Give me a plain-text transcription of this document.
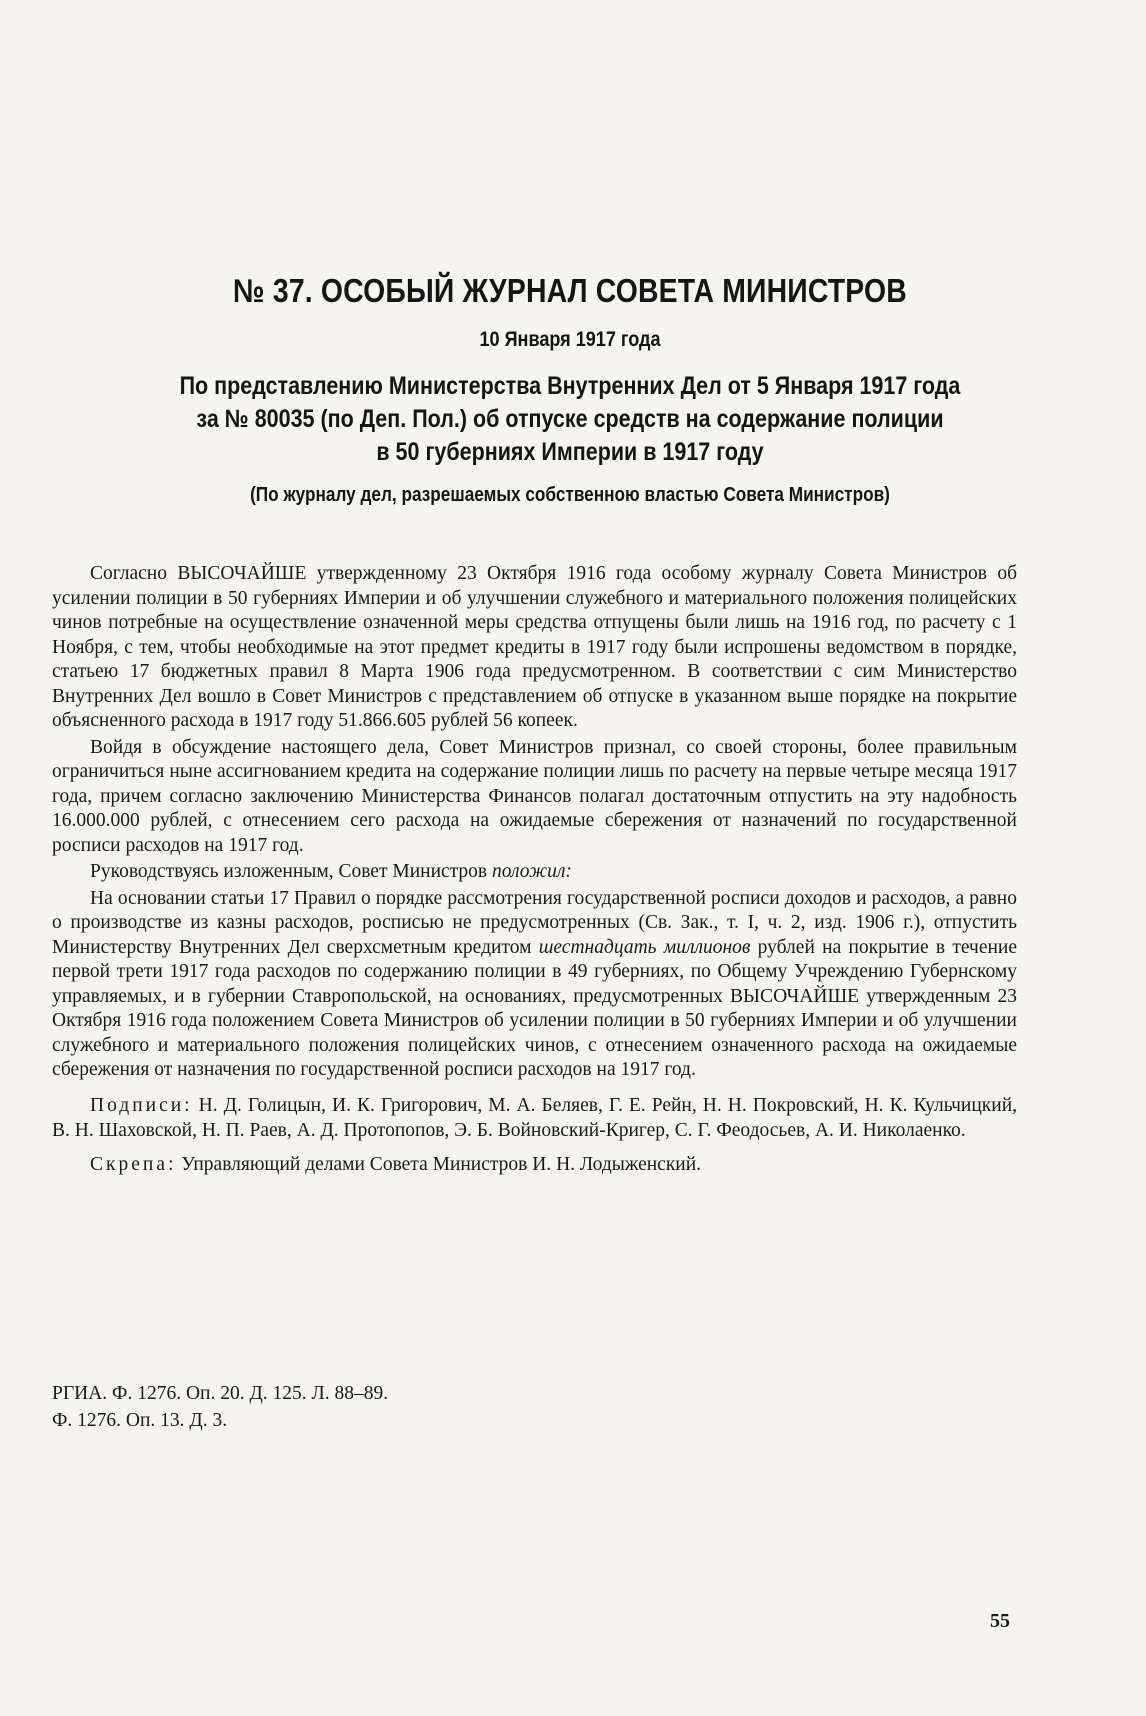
№ 37. ОСОБЫЙ ЖУРНАЛ СОВЕТА МИНИСТРОВ
10 Января 1917 года
По представлению Министерства Внутренних Дел от 5 Января 1917 года
за № 80035 (по Деп. Пол.) об отпуске средств на содержание полиции
в 50 губерниях Империи в 1917 году
(По журналу дел, разрешаемых собственною властью Совета Министров)

Согласно ВЫСОЧАЙШЕ утвержденному 23 Октября 1916 года особому журналу Совета Министров об усилении полиции в 50 губерниях Империи и об улучшении служебного и материального положения полицейских чинов потребные на осуществление означенной меры средства отпущены были лишь на 1916 год, по расчету с 1 Ноября, с тем, чтобы необходимые на этот предмет кредиты в 1917 году были испрошены ведомством в порядке, статьею 17 бюджетных правил 8 Марта 1906 года предусмотренном. В соответствии с сим Министерство Внутренних Дел вошло в Совет Министров с представлением об отпуске в указанном выше порядке на покрытие объясненного расхода в 1917 году 51.866.605 рублей 56 копеек.

Войдя в обсуждение настоящего дела, Совет Министров признал, со своей стороны, более правильным ограничиться ныне ассигнованием кредита на содержание полиции лишь по расчету на первые четыре месяца 1917 года, причем согласно заключению Министерства Финансов полагал достаточным отпустить на эту надобность 16.000.000 рублей, с отнесением сего расхода на ожидаемые сбережения от назначений по государственной росписи расходов на 1917 год.

Руководствуясь изложенным, Совет Министров положил:

На основании статьи 17 Правил о порядке рассмотрения государственной росписи доходов и расходов, а равно о производстве из казны расходов, росписью не предусмотренных (Св. Зак., т. I, ч. 2, изд. 1906 г.), отпустить Министерству Внутренних Дел сверхсметным кредитом шестнадцать миллионов рублей на покрытие в течение первой трети 1917 года расходов по содержанию полиции в 49 губерниях, по Общему Учреждению Губернскому управляемых, и в губернии Ставропольской, на основаниях, предусмотренных ВЫСОЧАЙШЕ утвержденным 23 Октября 1916 года положением Совета Министров об усилении полиции в 50 губерниях Империи и об улучшении служебного и материального положения полицейских чинов, с отнесением означенного расхода на ожидаемые сбережения от назначения по государственной росписи расходов на 1917 год.

Подписи: Н. Д. Голицын, И. К. Григорович, М. А. Беляев, Г. Е. Рейн, Н. Н. Покровский, Н. К. Кульчицкий, В. Н. Шаховской, Н. П. Раев, А. Д. Протопопов, Э. Б. Войновский-Кригер, С. Г. Феодосьев, А. И. Николаенко.

Скрепа: Управляющий делами Совета Министров И. Н. Лодыженский.

РГИА. Ф. 1276. Оп. 20. Д. 125. Л. 88–89.
Ф. 1276. Оп. 13. Д. 3.
55
